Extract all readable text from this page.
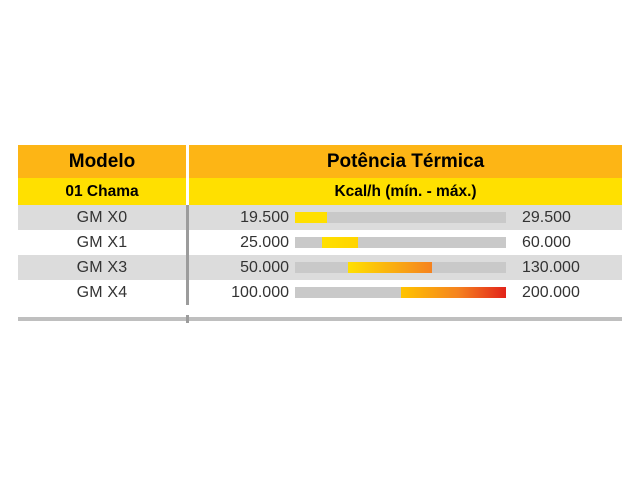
Modelo	Potência Térmica
01 Chama	Kcal/h (mín. - máx.)
GM X0	19.500	29.500
GM X1	25.000	60.000
GM X3	50.000	130.000
GM X4	100.000	200.000
